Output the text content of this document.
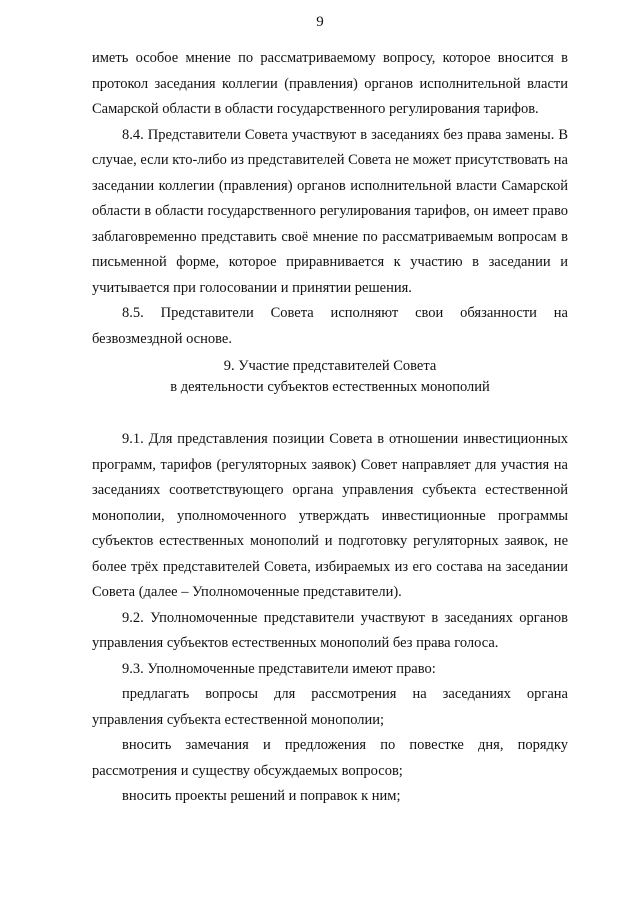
9

иметь особое мнение по рассматриваемому вопросу, которое вносится в протокол заседания коллегии (правления) органов исполнительной власти Самарской области в области государственного регулирования тарифов.

8.4. Представители Совета участвуют в заседаниях без права замены. В случае, если кто-либо из представителей Совета не может присутствовать на заседании коллегии (правления) органов исполнительной власти Самарской области в области государственного регулирования тарифов, он имеет право заблаговременно представить своё мнение по рассматриваемым вопросам в письменной форме, которое приравнивается к участию в заседании и учитывается при голосовании и принятии решения.

8.5. Представители Совета исполняют свои обязанности на безвозмездной основе.

9. Участие представителей Совета
в деятельности субъектов естественных монополий

9.1. Для представления позиции Совета в отношении инвестиционных программ, тарифов (регуляторных заявок) Совет направляет для участия на заседаниях соответствующего органа управления субъекта естественной монополии, уполномоченного утверждать инвестиционные программы субъектов естественных монополий и подготовку регуляторных заявок, не более трёх представителей Совета, избираемых из его состава на заседании Совета (далее – Уполномоченные представители).

9.2. Уполномоченные представители участвуют в заседаниях органов управления субъектов естественных монополий без права голоса.

9.3. Уполномоченные представители имеют право:

предлагать вопросы для рассмотрения на заседаниях органа управления субъекта естественной монополии;

вносить замечания и предложения по повестке дня, порядку рассмотрения и существу обсуждаемых вопросов;

вносить проекты решений и поправок к ним;
